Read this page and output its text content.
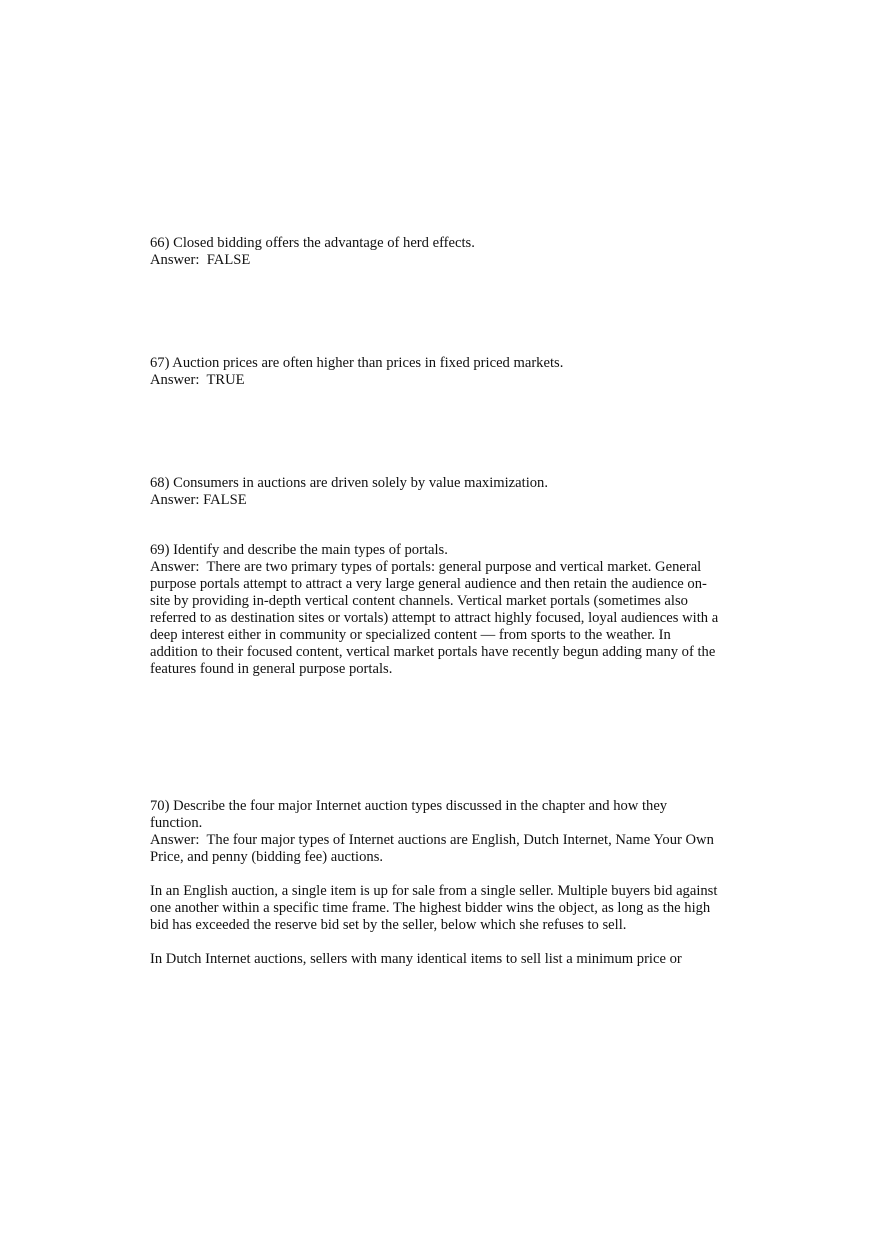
66) Closed bidding offers the advantage of herd effects.
Answer:  FALSE
67) Auction prices are often higher than prices in fixed priced markets.
Answer:  TRUE
68) Consumers in auctions are driven solely by value maximization.
Answer: FALSE
69) Identify and describe the main types of portals.
Answer:  There are two primary types of portals: general purpose and vertical market. General
purpose portals attempt to attract a very large general audience and then retain the audience on-
site by providing in-depth vertical content channels. Vertical market portals (sometimes also
referred to as destination sites or vortals) attempt to attract highly focused, loyal audiences with a
deep interest either in community or specialized content — from sports to the weather. In
addition to their focused content, vertical market portals have recently begun adding many of the
features found in general purpose portals.
70) Describe the four major Internet auction types discussed in the chapter and how they
function.
Answer:  The four major types of Internet auctions are English, Dutch Internet, Name Your Own
Price, and penny (bidding fee) auctions.
In an English auction, a single item is up for sale from a single seller. Multiple buyers bid against
one another within a specific time frame. The highest bidder wins the object, as long as the high
bid has exceeded the reserve bid set by the seller, below which she refuses to sell.
In Dutch Internet auctions, sellers with many identical items to sell list a minimum price or
